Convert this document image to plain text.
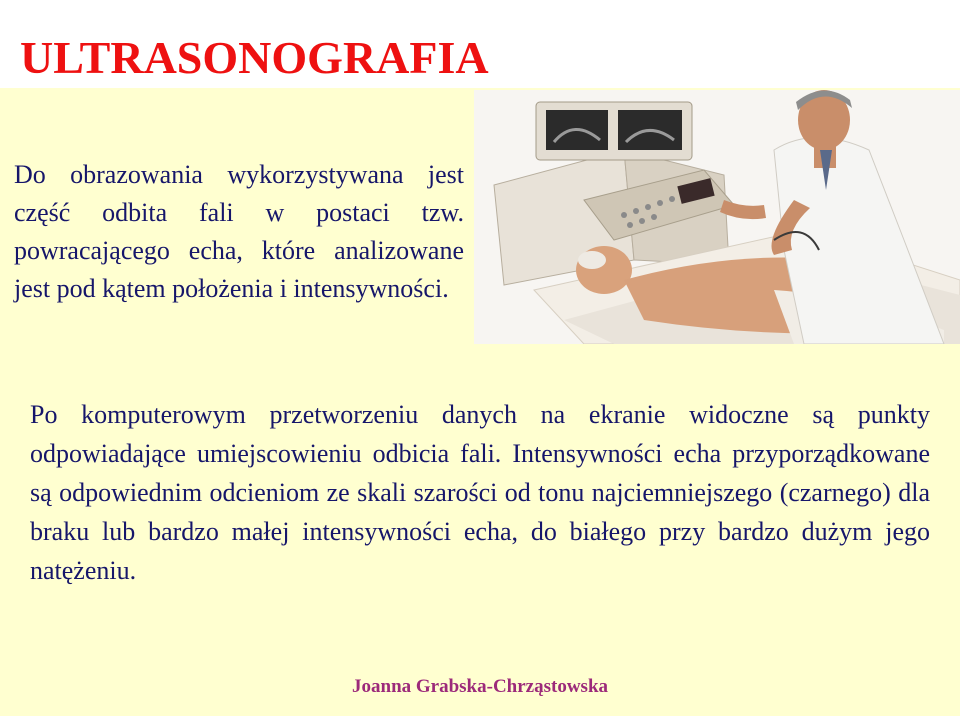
ULTRASONOGRAFIA

Do obrazowania wykorzystywana jest część odbita fali w postaci tzw. powracającego echa, które analizowane jest pod kątem położenia i intensywności.

Po komputerowym przetworzeniu danych na ekranie widoczne są punkty odpowiadające umiejscowieniu odbicia fali. Intensywności echa przyporządkowane są odpowiednim odcieniom ze skali szarości od tonu najciemniejszego (czarnego) dla braku lub bardzo małej intensywności echa, do białego przy bardzo dużym jego natężeniu.

Joanna Grabska-Chrząstowska
